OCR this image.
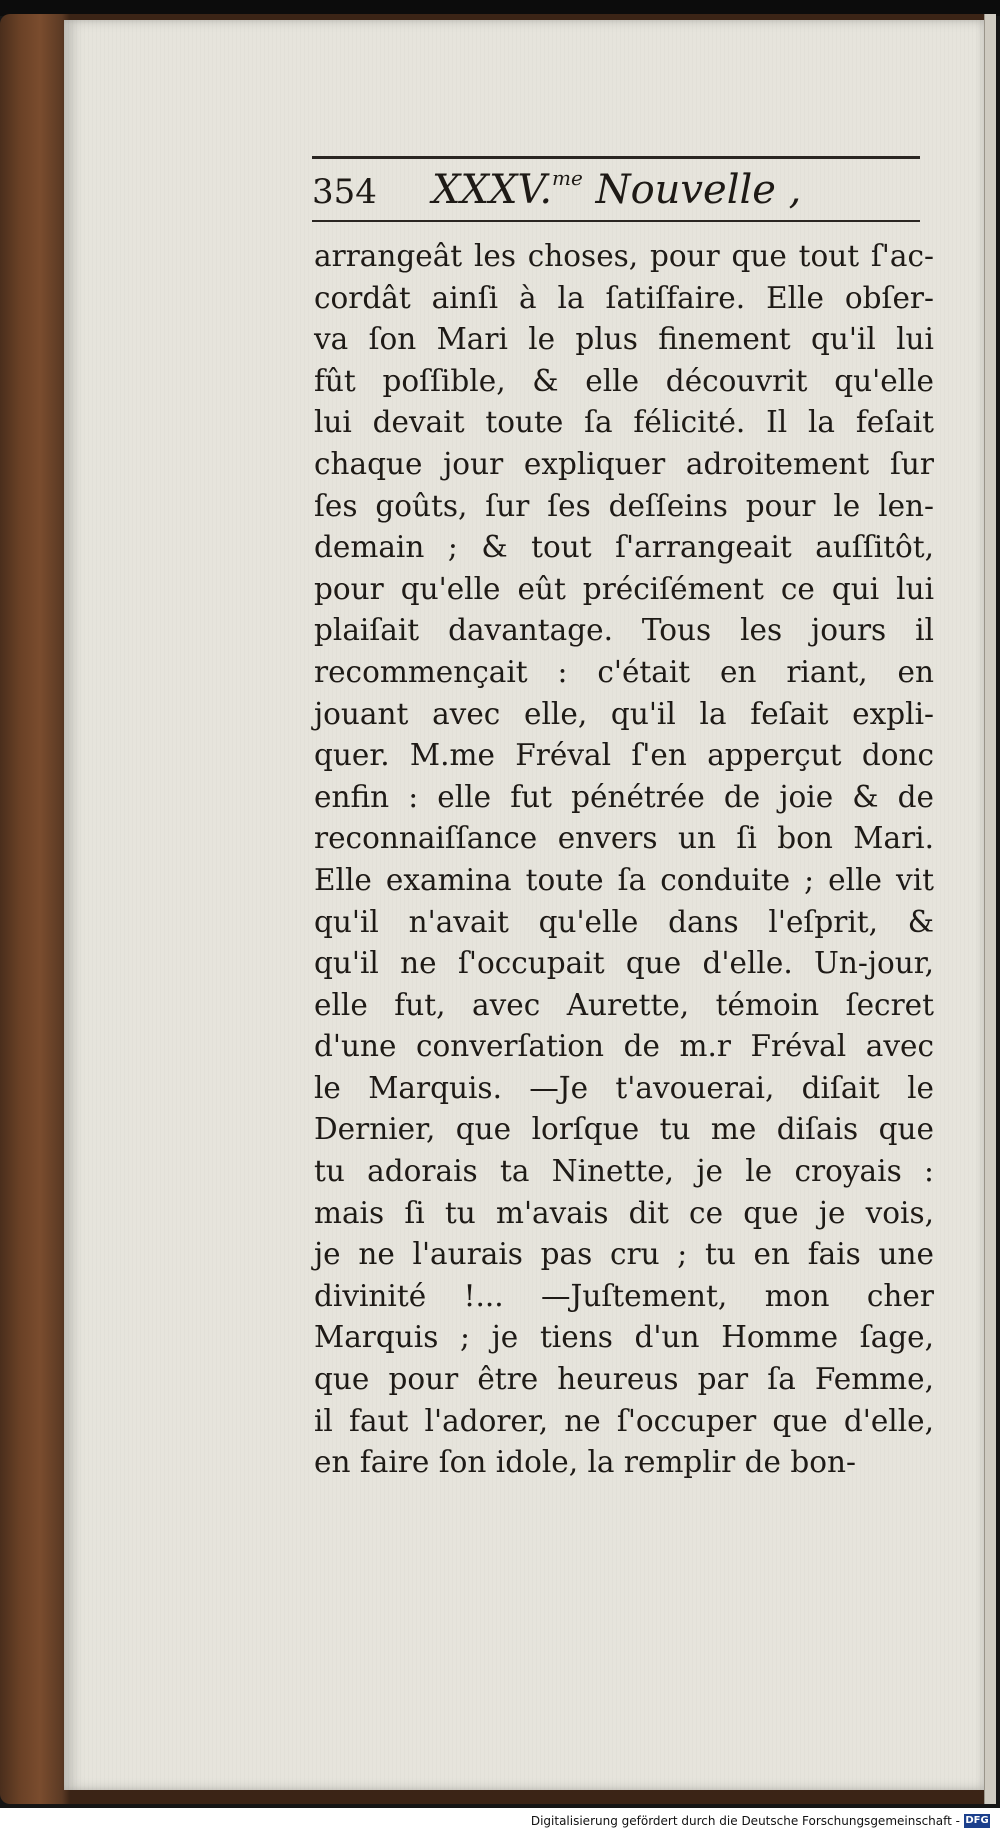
354 XXXV.$^{me}$ Nouvelle ,
arrangeât les choses, pour que tout ſ'ac-
cordât ainſi à la ſatiſfaire. Elle obſer-
va ſon Mari le plus finement qu'il lui
fût poſſible, & elle découvrit qu'elle
lui devait toute ſa félicité. Il la feſait
chaque jour expliquer adroitement ſur
ſes goûts, ſur ſes deſſeins pour le len-
demain ; & tout ſ'arrangeait auſſitôt,
pour qu'elle eût préciſément ce qui lui
plaiſait davantage. Tous les jours il
recommençait : c'était en riant, en
jouant avec elle, qu'il la feſait expli-
quer. M.me Fréval ſ'en apperçut donc
enfin : elle fut pénétrée de joie & de
reconnaiſſance envers un ſi bon Mari.
Elle examina toute ſa conduite ; elle vit
qu'il n'avait qu'elle dans l'eſprit, &
qu'il ne ſ'occupait que d'elle. Un-jour,
elle fut, avec Aurette, témoin ſecret
d'une converſation de m.r Fréval avec
le Marquis. —Je t'avouerai, diſait le
Dernier, que lorſque tu me diſais que
tu adorais ta Ninette, je le croyais :
mais ſi tu m'avais dit ce que je vois,
je ne l'aurais pas cru ; tu en fais une
divinité !... —Juſtement, mon cher
Marquis ; je tiens d'un Homme ſage,
que pour être heureus par ſa Femme,
il faut l'adorer, ne ſ'occuper que d'elle,
en faire ſon idole, la remplir de bon-
Digitalisierung gefördert durch die Deutsche Forschungsgemeinschaft - DFG
